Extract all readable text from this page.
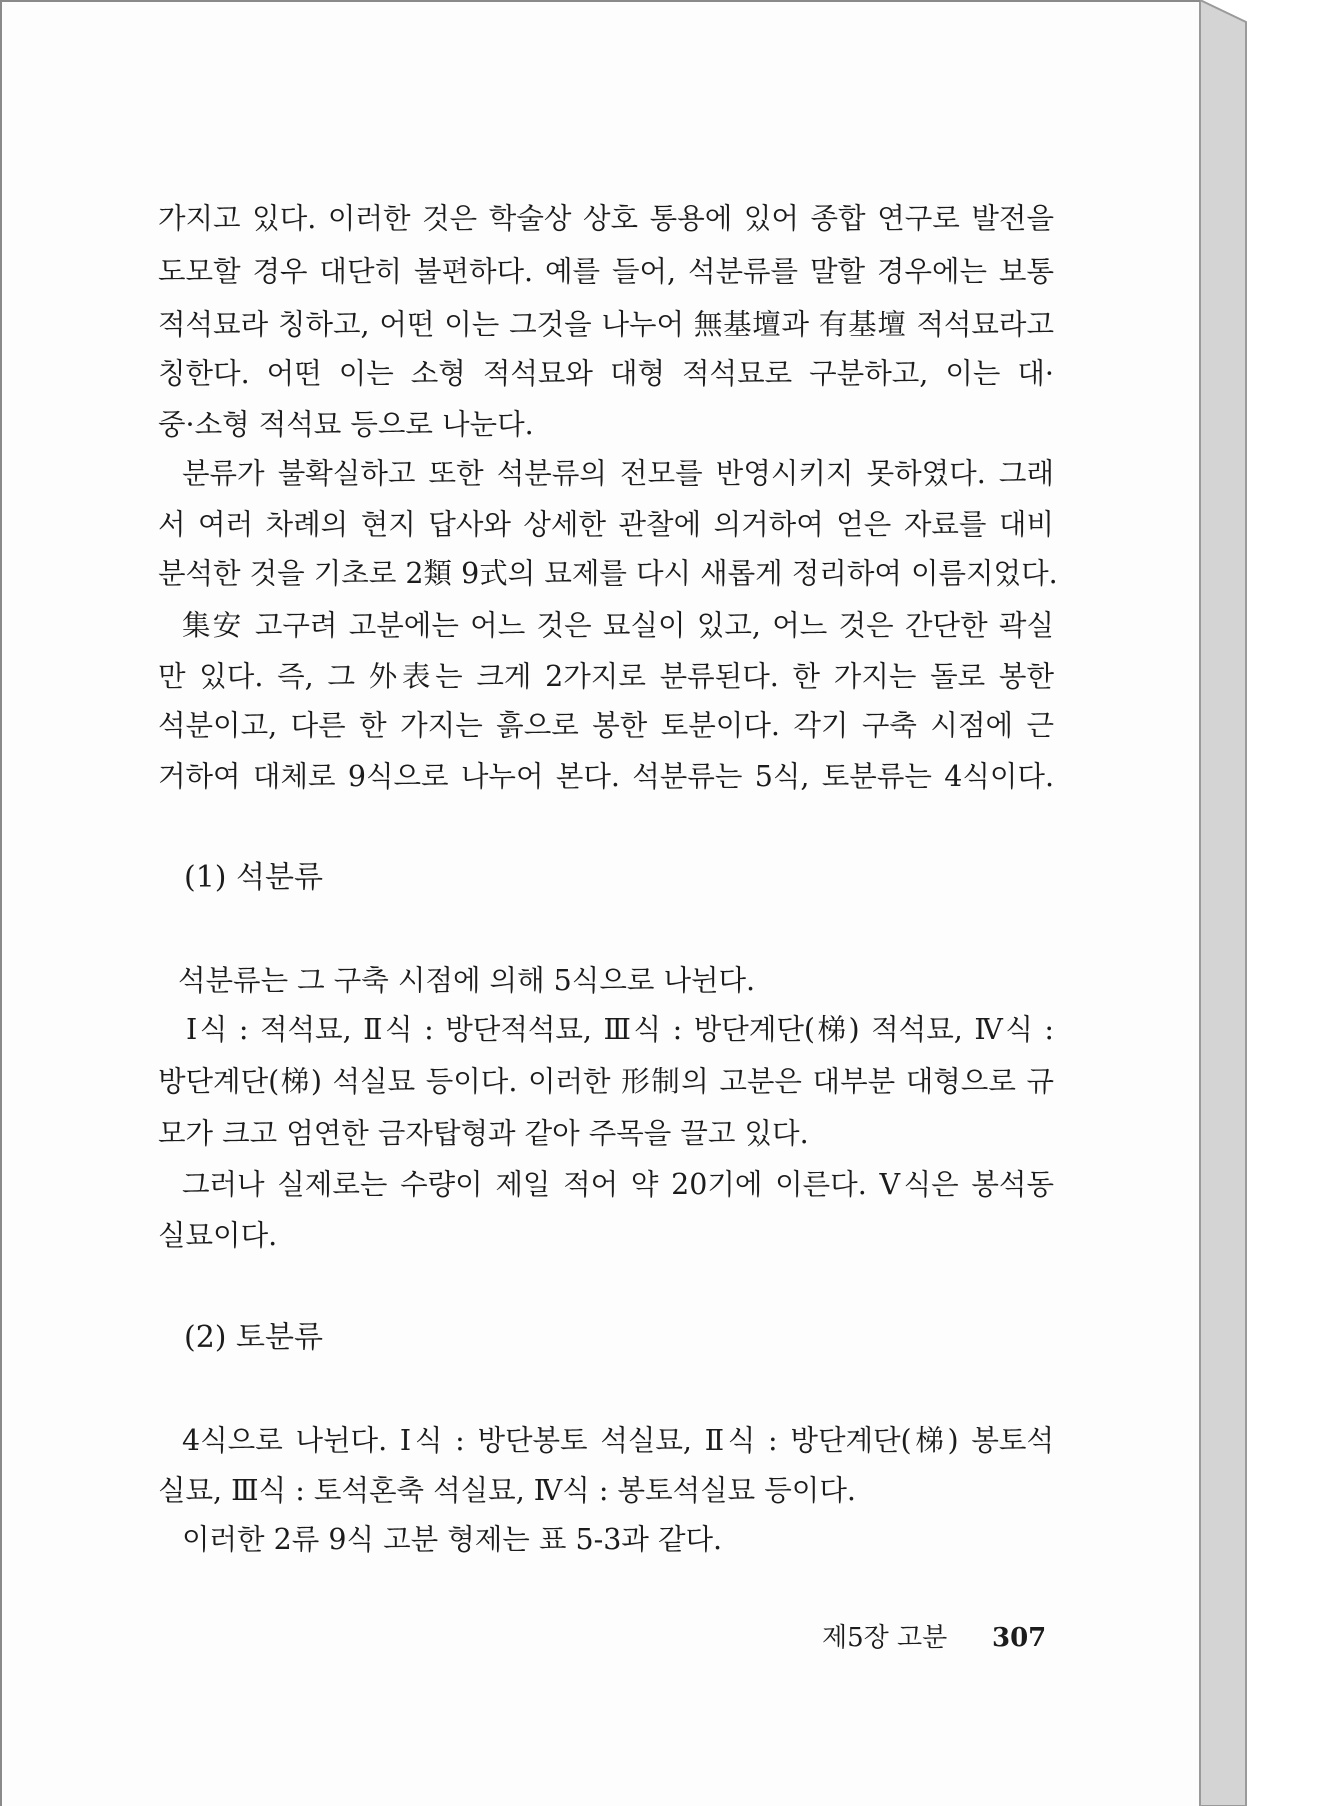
가지고 있다. 이러한 것은 학술상 상호 통용에 있어 종합 연구로 발전을
도모할 경우 대단히 불편하다. 예를 들어, 석분류를 말할 경우에는 보통
적석묘라 칭하고, 어떤 이는 그것을 나누어 無基壇과 有基壇 적석묘라고
칭한다. 어떤 이는 소형 적석묘와 대형 적석묘로 구분하고, 이는 대·
중·소형 적석묘 등으로 나눈다.
분류가 불확실하고 또한 석분류의 전모를 반영시키지 못하였다. 그래
서 여러 차례의 현지 답사와 상세한 관찰에 의거하여 얻은 자료를 대비
분석한 것을 기초로 2類 9式의 묘제를 다시 새롭게 정리하여 이름지었다.
集安 고구려 고분에는 어느 것은 묘실이 있고, 어느 것은 간단한 곽실
만 있다. 즉, 그 外表는 크게 2가지로 분류된다. 한 가지는 돌로 봉한
석분이고, 다른 한 가지는 흙으로 봉한 토분이다. 각기 구축 시점에 근
거하여 대체로 9식으로 나누어 본다. 석분류는 5식, 토분류는 4식이다.
(1) 석분류
석분류는 그 구축 시점에 의해 5식으로 나뉜다.
Ⅰ식 : 적석묘, Ⅱ식 : 방단적석묘, Ⅲ식 : 방단계단(梯) 적석묘, Ⅳ식 :
방단계단(梯) 석실묘 등이다. 이러한 形制의 고분은 대부분 대형으로 규
모가 크고 엄연한 금자탑형과 같아 주목을 끌고 있다.
그러나 실제로는 수량이 제일 적어 약 20기에 이른다. Ⅴ식은 봉석동
실묘이다.
(2) 토분류
4식으로 나뉜다. Ⅰ식 : 방단봉토 석실묘, Ⅱ식 : 방단계단(梯) 봉토석
실묘, Ⅲ식 : 토석혼축 석실묘, Ⅳ식 : 봉토석실묘 등이다.
이러한 2류 9식 고분 형제는 표 5-3과 같다.
제5장 고분 307
